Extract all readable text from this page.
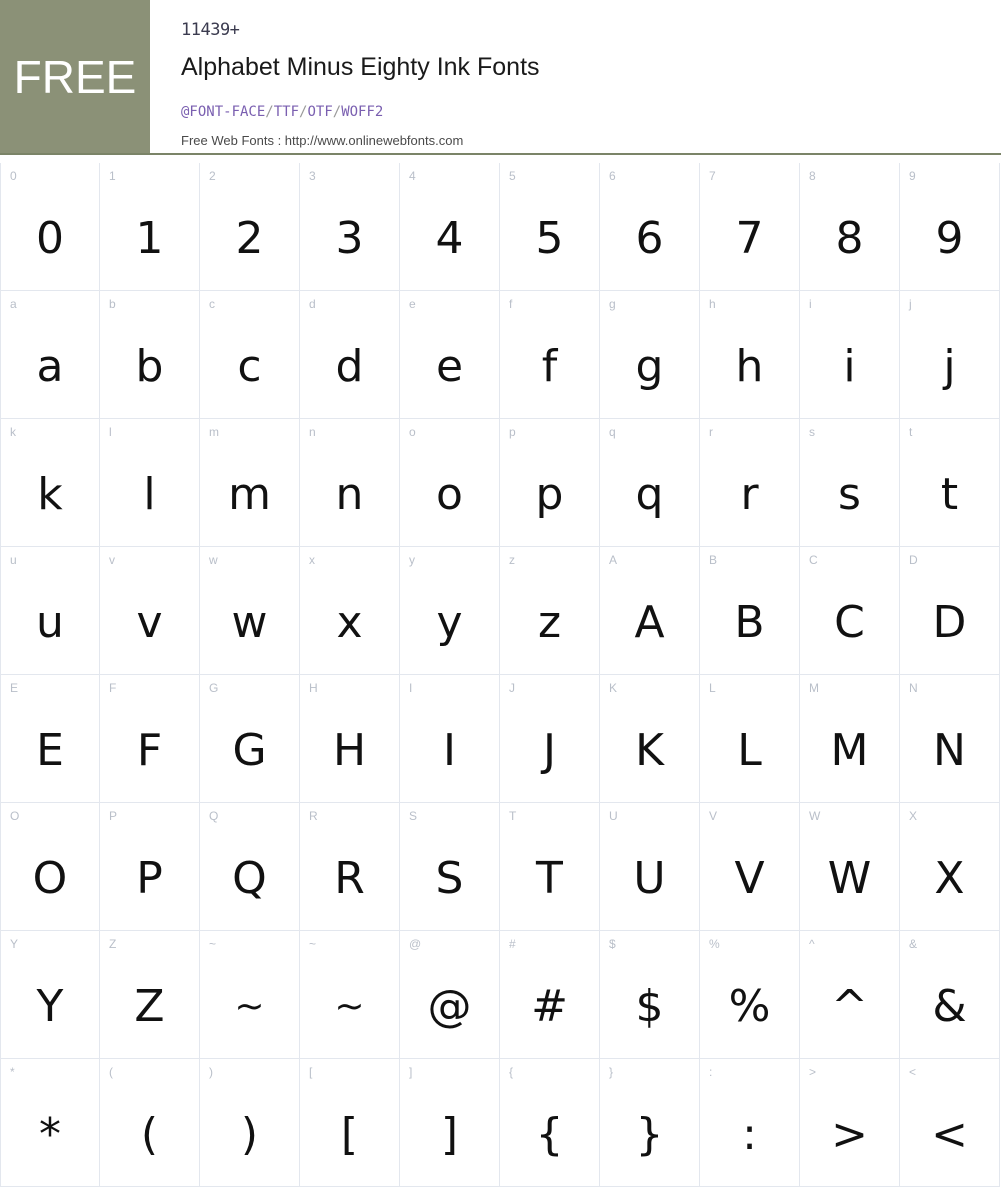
FREE
11439+
Alphabet Minus Eighty Ink Fonts
@FONT-FACE/TTF/OTF/WOFF2
Free Web Fonts : http://www.onlinewebfonts.com
0
0
1
1
2
2
3
3
4
4
5
5
6
6
7
7
8
8
9
9
a
a
b
b
c
c
d
d
e
e
f
f
g
g
h
h
i
i
j
j
k
k
l
l
m
m
n
n
o
o
p
p
q
q
r
r
s
s
t
t
u
u
v
v
w
w
x
x
y
y
z
z
A
A
B
B
C
C
D
D
E
E
F
F
G
G
H
H
I
I
J
J
K
K
L
L
M
M
N
N
O
O
P
P
Q
Q
R
R
S
S
T
T
U
U
V
V
W
W
X
X
Y
Y
Z
Z
~
~
~
~
@
@
#
#
$
$
%
%
^
^
&
&
*
*
(
(
)
)
[
[
]
]
{
{
}
}
:
:
>
>
<
<
